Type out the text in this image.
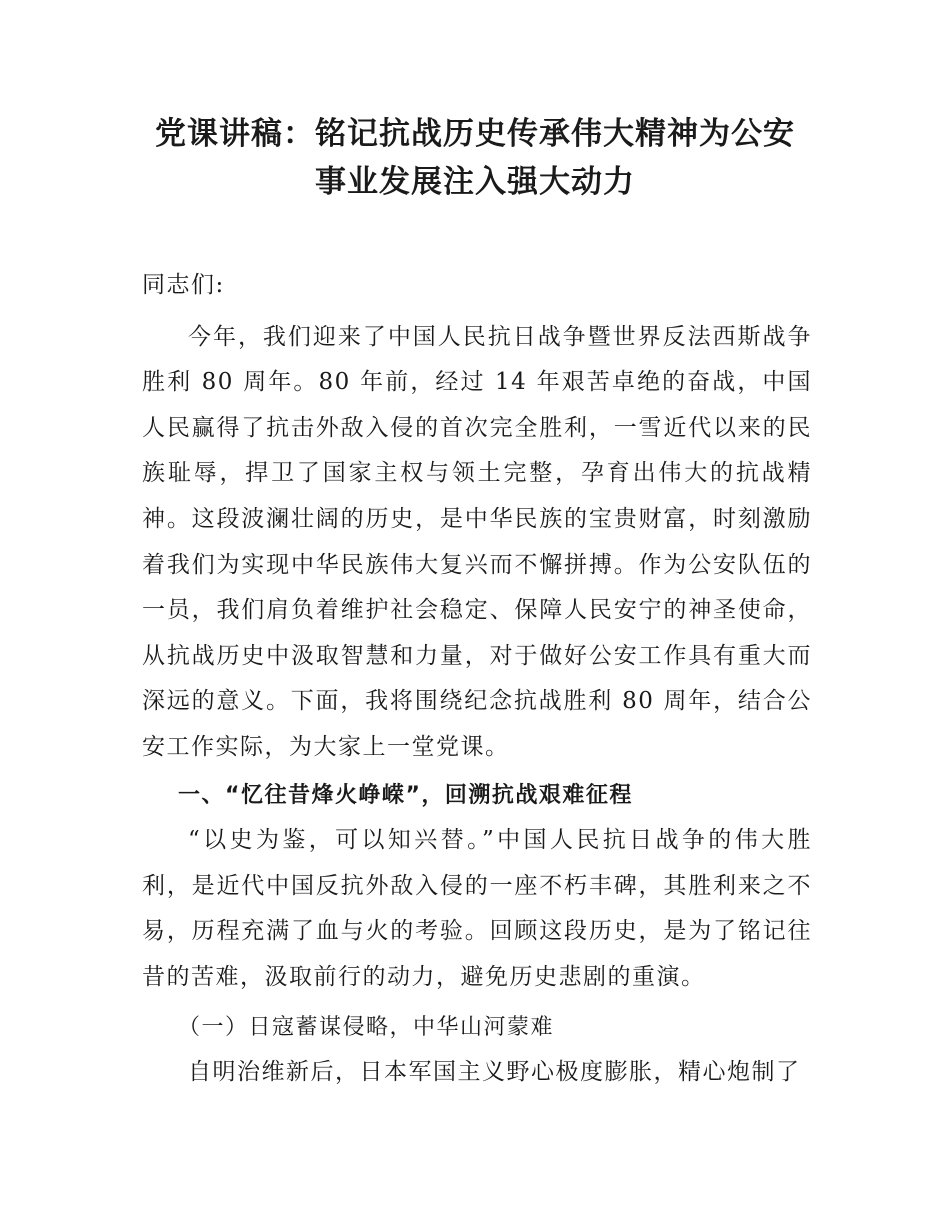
党课讲稿：铭记抗战历史传承伟大精神为公安
事业发展注入强大动力

同志们:

今年，我们迎来了中国人民抗日战争暨世界反法西斯战争胜利 80 周年。80 年前，经过 14 年艰苦卓绝的奋战，中国人民赢得了抗击外敌入侵的首次完全胜利，一雪近代以来的民族耻辱，捍卫了国家主权与领土完整，孕育出伟大的抗战精神。这段波澜壮阔的历史，是中华民族的宝贵财富，时刻激励着我们为实现中华民族伟大复兴而不懈拼搏。作为公安队伍的一员，我们肩负着维护社会稳定、保障人民安宁的神圣使命，从抗战历史中汲取智慧和力量，对于做好公安工作具有重大而深远的意义。下面，我将围绕纪念抗战胜利 80 周年，结合公安工作实际，为大家上一堂党课。

一、“忆往昔烽火峥嵘”，回溯抗战艰难征程

“以史为鉴，可以知兴替。”中国人民抗日战争的伟大胜利，是近代中国反抗外敌入侵的一座不朽丰碑，其胜利来之不易，历程充满了血与火的考验。回顾这段历史，是为了铭记往昔的苦难，汲取前行的动力，避免历史悲剧的重演。

（一）日寇蓄谋侵略，中华山河蒙难

自明治维新后，日本军国主义野心极度膨胀，精心炮制了
